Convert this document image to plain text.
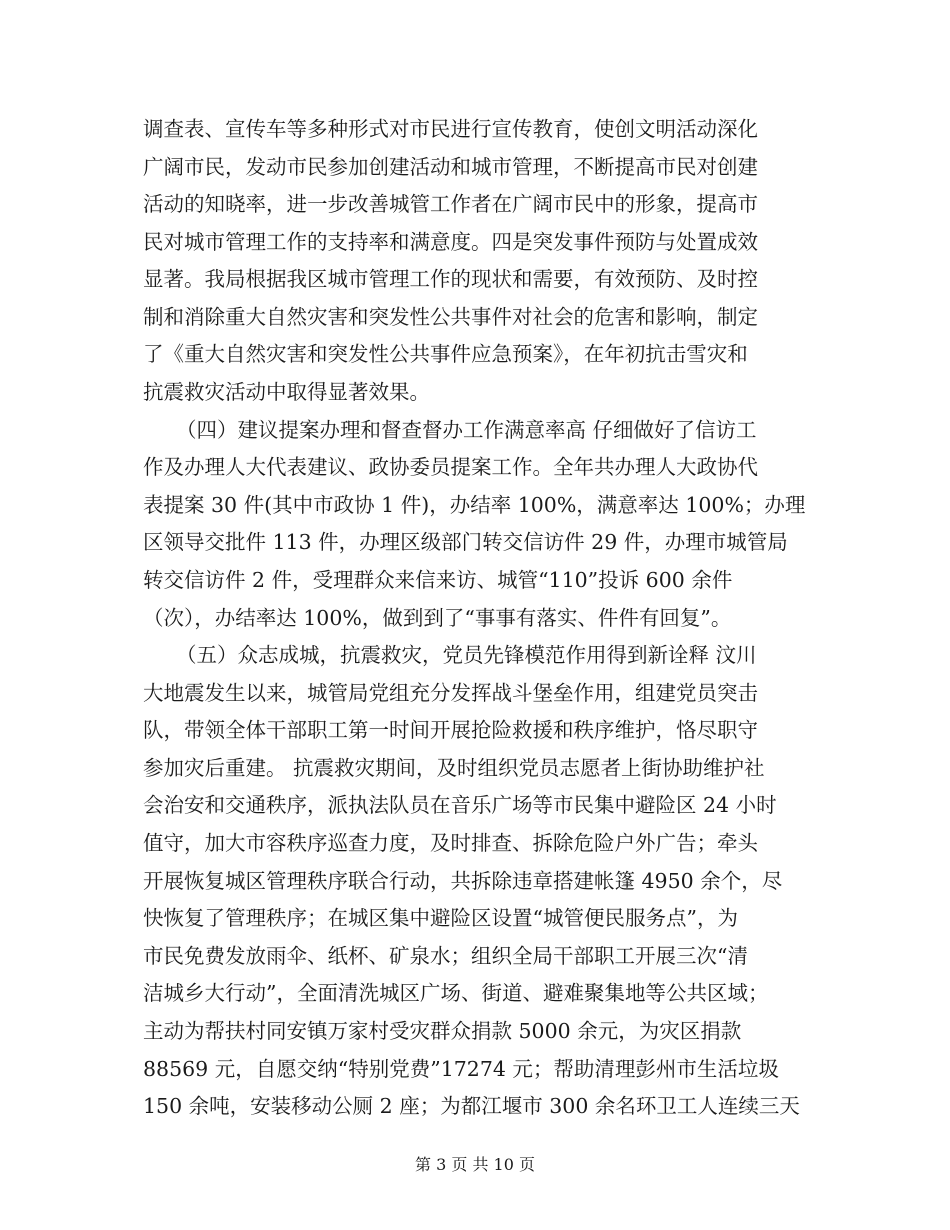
调查表、宣传车等多种形式对市民进行宣传教育，使创文明活动深化
广阔市民，发动市民参加创建活动和城市管理，不断提高市民对创建
活动的知晓率，进一步改善城管工作者在广阔市民中的形象，提高市
民对城市管理工作的支持率和满意度。四是突发事件预防与处置成效
显著。我局根据我区城市管理工作的现状和需要，有效预防、及时控
制和消除重大自然灾害和突发性公共事件对社会的危害和影响，制定
了《重大自然灾害和突发性公共事件应急预案》，在年初抗击雪灾和
抗震救灾活动中取得显著效果。
（四）建议提案办理和督查督办工作满意率高 仔细做好了信访工
作及办理人大代表建议、政协委员提案工作。全年共办理人大政协代
表提案 30 件(其中市政协 1 件)，办结率 100%，满意率达 100%；办理
区领导交批件 113 件，办理区级部门转交信访件 29 件，办理市城管局
转交信访件 2 件，受理群众来信来访、城管“110”投诉 600 余件
（次），办结率达 100%，做到到了“事事有落实、件件有回复”。
（五）众志成城，抗震救灾，党员先锋模范作用得到新诠释 汶川
大地震发生以来，城管局党组充分发挥战斗堡垒作用，组建党员突击
队，带领全体干部职工第一时间开展抢险救援和秩序维护，恪尽职守
参加灾后重建。 抗震救灾期间，及时组织党员志愿者上街协助维护社
会治安和交通秩序，派执法队员在音乐广场等市民集中避险区 24 小时
值守，加大市容秩序巡查力度，及时排查、拆除危险户外广告；牵头
开展恢复城区管理秩序联合行动，共拆除违章搭建帐篷 4950 余个，尽
快恢复了管理秩序；在城区集中避险区设置“城管便民服务点”，为
市民免费发放雨伞、纸杯、矿泉水；组织全局干部职工开展三次“清
洁城乡大行动”，全面清洗城区广场、街道、避难聚集地等公共区域；
主动为帮扶村同安镇万家村受灾群众捐款 5000 余元，为灾区捐款
88569 元，自愿交纳“特别党费”17274 元；帮助清理彭州市生活垃圾
150 余吨，安装移动公厕 2 座；为都江堰市 300 余名环卫工人连续三天
第 3 页 共 10 页
